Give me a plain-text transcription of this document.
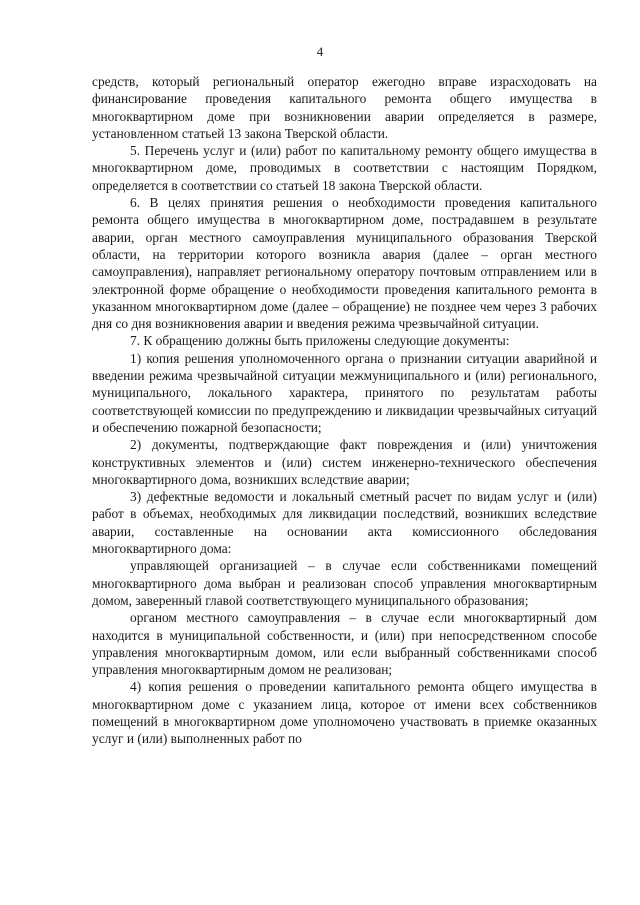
4

средств, который региональный оператор ежегодно вправе израсходовать на финансирование проведения капитального ремонта общего имущества в многоквартирном доме при возникновении аварии определяется в размере, установленном статьей 13 закона Тверской области.

5. Перечень услуг и (или) работ по капитальному ремонту общего имущества в многоквартирном доме, проводимых в соответствии с настоящим Порядком, определяется в соответствии со статьей 18 закона Тверской области.

6. В целях принятия решения о необходимости проведения капитального ремонта общего имущества в многоквартирном доме, пострадавшем в результате аварии, орган местного самоуправления муниципального образования Тверской области, на территории которого возникла авария (далее – орган местного самоуправления), направляет региональному оператору почтовым отправлением или в электронной форме обращение о необходимости проведения капитального ремонта в указанном многоквартирном доме (далее – обращение) не позднее чем через 3 рабочих дня со дня возникновения аварии и введения режима чрезвычайной ситуации.

7. К обращению должны быть приложены следующие документы:

1) копия решения уполномоченного органа о признании ситуации аварийной и введении режима чрезвычайной ситуации межмуниципального и (или) регионального, муниципального, локального характера, принятого по результатам работы соответствующей комиссии по предупреждению и ликвидации чрезвычайных ситуаций и обеспечению пожарной безопасности;

2) документы, подтверждающие факт повреждения и (или) уничтожения конструктивных элементов и (или) систем инженерно-технического обеспечения многоквартирного дома, возникших вследствие аварии;

3) дефектные ведомости и локальный сметный расчет по видам услуг и (или) работ в объемах, необходимых для ликвидации последствий, возникших вследствие аварии, составленные на основании акта комиссионного обследования многоквартирного дома:

управляющей организацией – в случае если собственниками помещений многоквартирного дома выбран и реализован способ управления многоквартирным домом, заверенный главой соответствующего муниципального образования;

органом местного самоуправления – в случае если многоквартирный дом находится в муниципальной собственности, и (или) при непосредственном способе управления многоквартирным домом, или если выбранный собственниками способ управления многоквартирным домом не реализован;

4) копия решения о проведении капитального ремонта общего имущества в многоквартирном доме с указанием лица, которое от имени всех собственников помещений в многоквартирном доме уполномочено участвовать в приемке оказанных услуг и (или) выполненных работ по
